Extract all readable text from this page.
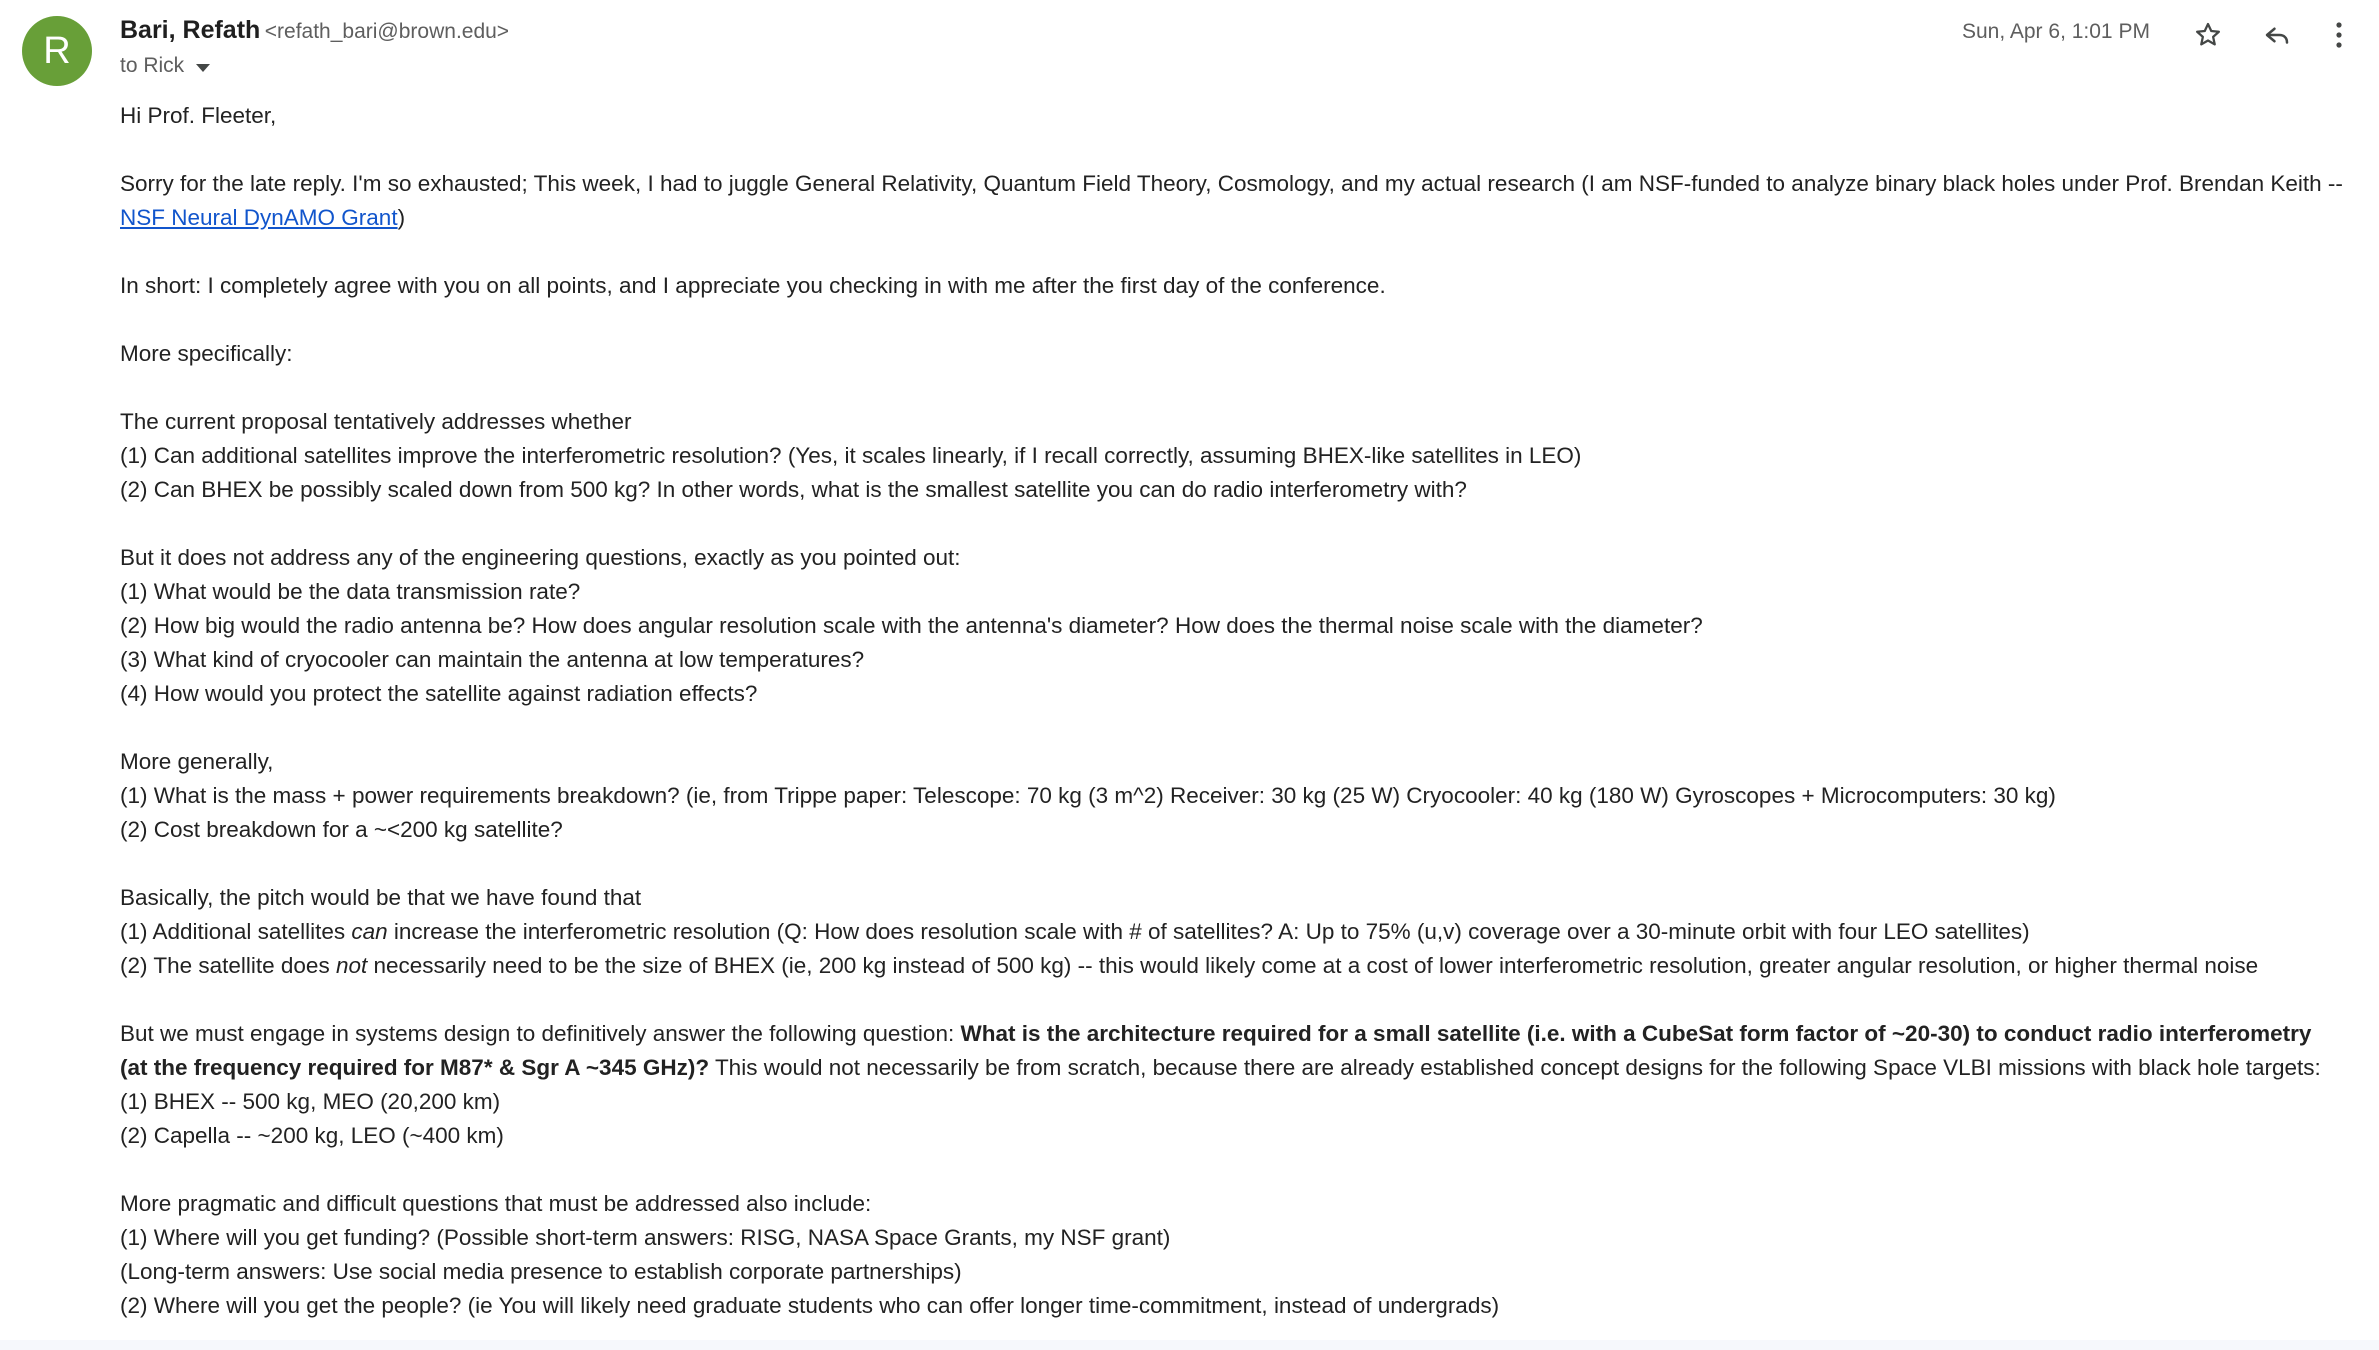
R	Bari, Refath <refath_bari@brown.edu>
to Rick
Sun, Apr 6, 1:01 PM

Hi Prof. Fleeter,

Sorry for the late reply. I'm so exhausted; This week, I had to juggle General Relativity, Quantum Field Theory, Cosmology, and my actual research (I am NSF-funded to analyze binary black holes under Prof. Brendan Keith -- NSF Neural DynAMO Grant)

In short: I completely agree with you on all points, and I appreciate you checking in with me after the first day of the conference.

More specifically:

The current proposal tentatively addresses whether
(1) Can additional satellites improve the interferometric resolution? (Yes, it scales linearly, if I recall correctly, assuming BHEX-like satellites in LEO)
(2) Can BHEX be possibly scaled down from 500 kg? In other words, what is the smallest satellite you can do radio interferometry with?

But it does not address any of the engineering questions, exactly as you pointed out:
(1) What would be the data transmission rate?
(2) How big would the radio antenna be? How does angular resolution scale with the antenna's diameter? How does the thermal noise scale with the diameter?
(3) What kind of cryocooler can maintain the antenna at low temperatures?
(4) How would you protect the satellite against radiation effects?

More generally,
(1) What is the mass + power requirements breakdown? (ie, from Trippe paper: Telescope: 70 kg (3 m^2) Receiver: 30 kg (25 W) Cryocooler: 40 kg (180 W) Gyroscopes + Microcomputers: 30 kg)
(2) Cost breakdown for a ~<200 kg satellite?

Basically, the pitch would be that we have found that
(1) Additional satellites can increase the interferometric resolution (Q: How does resolution scale with # of satellites? A: Up to 75% (u,v) coverage over a 30-minute orbit with four LEO satellites)
(2) The satellite does not necessarily need to be the size of BHEX (ie, 200 kg instead of 500 kg) -- this would likely come at a cost of lower interferometric resolution, greater angular resolution, or higher thermal noise

But we must engage in systems design to definitively answer the following question: What is the architecture required for a small satellite (i.e. with a CubeSat form factor of ~20-30) to conduct radio interferometry (at the frequency required for M87* & Sgr A ~345 GHz)? This would not necessarily be from scratch, because there are already established concept designs for the following Space VLBI missions with black hole targets:
(1) BHEX -- 500 kg, MEO (20,200 km)
(2) Capella -- ~200 kg, LEO (~400 km)

More pragmatic and difficult questions that must be addressed also include:
(1) Where will you get funding? (Possible short-term answers: RISG, NASA Space Grants, my NSF grant)
(Long-term answers: Use social media presence to establish corporate partnerships)
(2) Where will you get the people? (ie You will likely need graduate students who can offer longer time-commitment, instead of undergrads)
